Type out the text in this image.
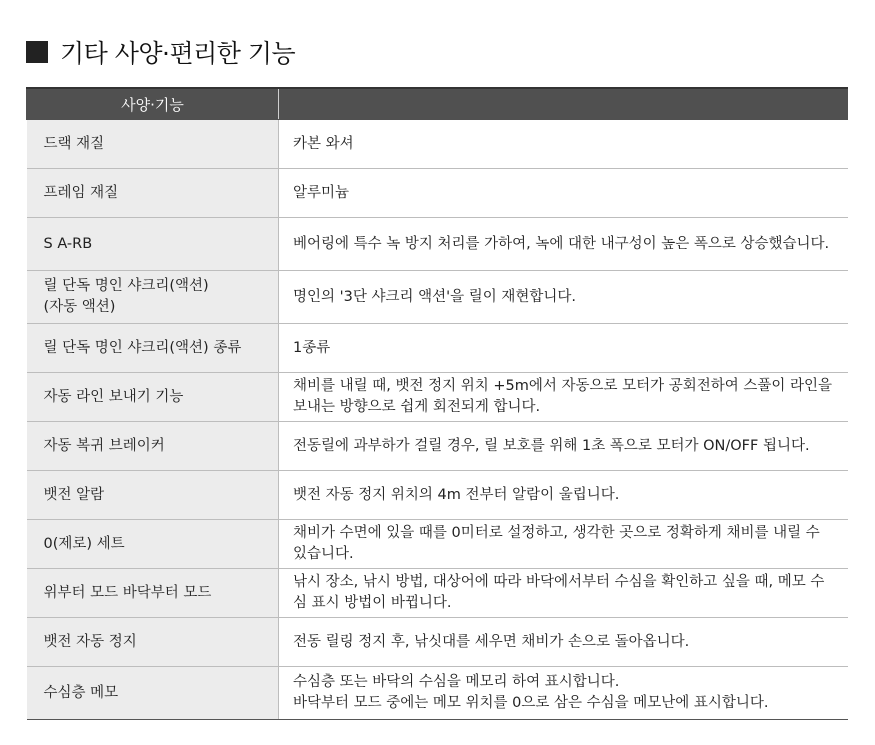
기타 사양·편리한 기능
사양·기능	
드랙 재질	카본 와셔
프레임 재질	알루미늄
S A-RB	베어링에 특수 녹 방지 처리를 가하여, 녹에 대한 내구성이 높은 폭으로 상승했습니다.
릴 단독 명인 샤크리(액션)
(자동 액션)	명인의 '3단 샤크리 액션'을 릴이 재현합니다.
릴 단독 명인 샤크리(액션) 종류	1종류
자동 라인 보내기 기능	채비를 내릴 때, 뱃전 정지 위치 +5m에서 자동으로 모터가 공회전하여 스풀이 라인을 보내는 방향으로 쉽게 회전되게 합니다.
자동 복귀 브레이커	전동릴에 과부하가 걸릴 경우, 릴 보호를 위해 1초 폭으로 모터가 ON/OFF 됩니다.
뱃전 알람	뱃전 자동 정지 위치의 4m 전부터 알람이 울립니다.
0(제로) 세트	채비가 수면에 있을 때를 0미터로 설정하고, 생각한 곳으로 정확하게 채비를 내릴 수 있습니다.
위부터 모드 바닥부터 모드	낚시 장소, 낚시 방법, 대상어에 따라 바닥에서부터 수심을 확인하고 싶을 때, 메모 수심 표시 방법이 바뀝니다.
뱃전 자동 정지	전동 릴링 정지 후, 낚싯대를 세우면 채비가 손으로 돌아옵니다.
수심층 메모	수심층 또는 바닥의 수심을 메모리 하여 표시합니다.
바닥부터 모드 중에는 메모 위치를 0으로 삼은 수심을 메모난에 표시합니다.
